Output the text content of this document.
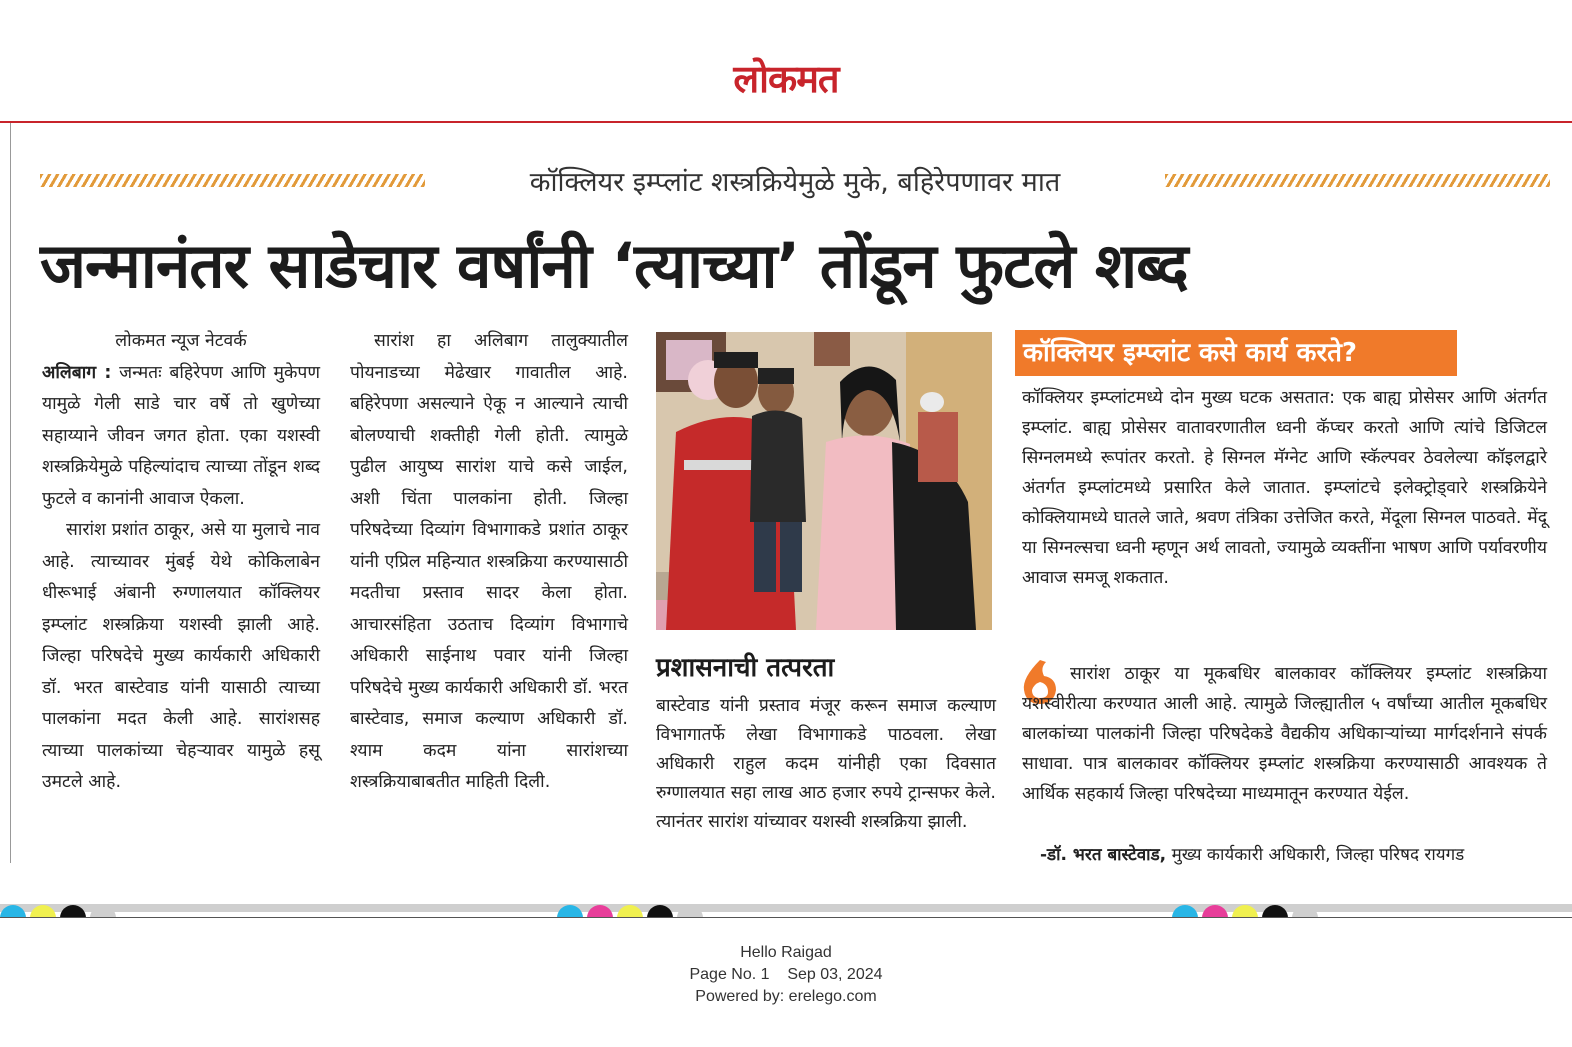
लोकमत
कॉक्लियर इम्प्लांट शस्त्रक्रियेमुळे मुके, बहिरेपणावर मात
जन्मानंतर साडेचार वर्षांनी ‘त्याच्या’ तोंडून फुटले शब्द

लोकमत न्यूज नेटवर्क

अलिबाग : जन्मतः बहिरेपण आणि मुकेपण यामुळे गेली साडे चार वर्षे तो खुणेच्या सहाय्याने जीवन जगत होता. एका यशस्वी शस्त्रक्रियेमुळे पहिल्यांदाच त्याच्या तोंडून शब्द फुटले व कानांनी आवाज ऐकला.

सारांश प्रशांत ठाकूर, असे या मुलाचे नाव आहे. त्याच्यावर मुंबई येथे कोकिलाबेन धीरूभाई अंबानी रुग्णालयात कॉक्लियर इम्प्लांट शस्त्रक्रिया यशस्वी झाली आहे. जिल्हा परिषदेचे मुख्य कार्यकारी अधिकारी डॉ. भरत बास्टेवाड यांनी यासाठी त्याच्या पालकांना मदत केली आहे. सारांशसह त्याच्या पालकांच्या चेहऱ्यावर यामुळे हसू उमटले आहे.

सारांश हा अलिबाग तालुक्यातील पोयनाडच्या मेढेखार गावातील आहे. बहिरेपणा असल्याने ऐकू न आल्याने त्याची बोलण्याची शक्तीही गेली होती. त्यामुळे पुढील आयुष्य सारांश याचे कसे जाईल, अशी चिंता पालकांना होती. जिल्हा परिषदेच्या दिव्यांग विभागाकडे प्रशांत ठाकूर यांनी एप्रिल महिन्यात शस्त्रक्रिया करण्यासाठी मदतीचा प्रस्ताव सादर केला होता. आचारसंहिता उठताच दिव्यांग विभागाचे अधिकारी साईनाथ पवार यांनी जिल्हा परिषदेचे मुख्य कार्यकारी अधिकारी डॉ. भरत बास्टेवाड, समाज कल्याण अधिकारी डॉ. श्याम कदम यांना सारांशच्या शस्त्रक्रियाबाबतीत माहिती दिली.

प्रशासनाची तत्परता

बास्टेवाड यांनी प्रस्ताव मंजूर करून समाज कल्याण विभागातर्फे लेखा विभागाकडे पाठवला. लेखा अधिकारी राहुल कदम यांनीही एका दिवसात रुग्णालयात सहा लाख आठ हजार रुपये ट्रान्सफर केले. त्यानंतर सारांश यांच्यावर यशस्वी शस्त्रक्रिया झाली.

कॉक्लियर इम्प्लांट कसे कार्य करते?
कॉक्लियर इम्प्लांटमध्ये दोन मुख्य घटक असतात: एक बाह्य प्रोसेसर आणि अंतर्गत इम्प्लांट. बाह्य प्रोसेसर वातावरणातील ध्वनी कॅप्चर करतो आणि त्यांचे डिजिटल सिग्नलमध्ये रूपांतर करतो. हे सिग्नल मॅग्नेट आणि स्कॅल्पवर ठेवलेल्या कॉइलद्वारे अंतर्गत इम्प्लांटमध्ये प्रसारित केले जातात. इम्प्लांटचे इलेक्ट्रोड्वारे शस्त्रक्रियेने कोक्लियामध्ये घातले जाते, श्रवण तंत्रिका उत्तेजित करते, मेंदूला सिग्नल पाठवते. मेंदू या सिग्नल्सचा ध्वनी म्हणून अर्थ लावतो, ज्यामुळे व्यक्तींना भाषण आणि पर्यावरणीय आवाज समजू शकतात.

सारांश ठाकूर या मूकबधिर बालकावर कॉक्लियर इम्प्लांट शस्त्रक्रिया यशस्वीरीत्या करण्यात आली आहे. त्यामुळे जिल्ह्यातील ५ वर्षांच्या आतील मूकबधिर बालकांच्या पालकांनी जिल्हा परिषदेकडे वैद्यकीय अधिकाऱ्यांच्या मार्गदर्शनाने संपर्क साधावा. पात्र बालकावर कॉक्लियर इम्प्लांट शस्त्रक्रिया करण्यासाठी आवश्यक ते आर्थिक सहकार्य जिल्हा परिषदेच्या माध्यमातून करण्यात येईल.

-डॉ. भरत बास्टेवाड, मुख्य कार्यकारी अधिकारी, जिल्हा परिषद रायगड
Hello Raigad
Page No. 1    Sep 03, 2024
Powered by: erelego.com
